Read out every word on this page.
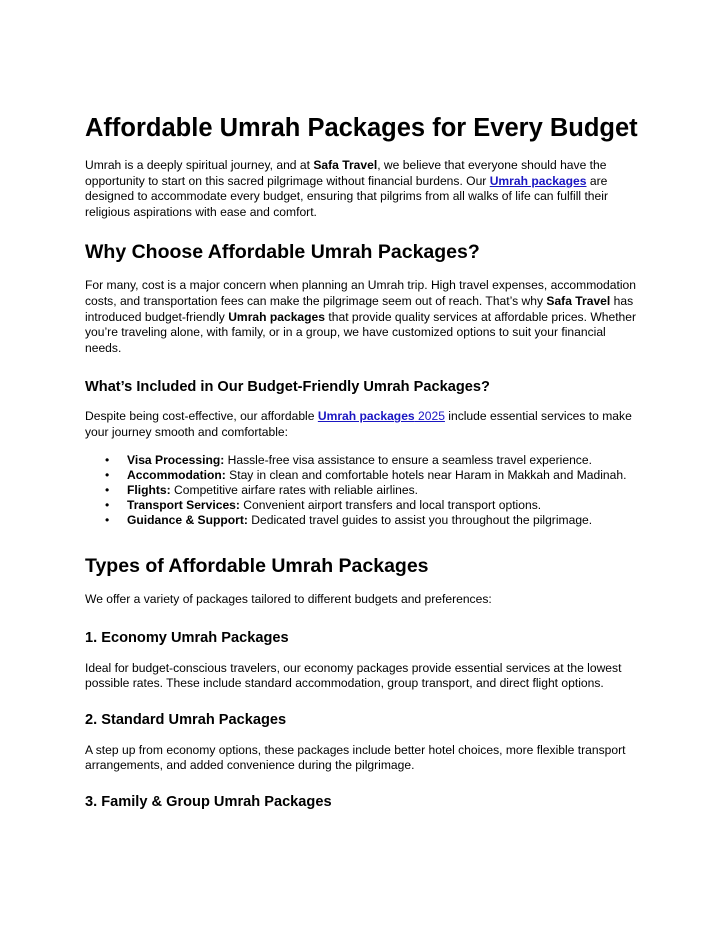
Affordable Umrah Packages for Every Budget

Umrah is a deeply spiritual journey, and at Safa Travel, we believe that everyone should have the opportunity to start on this sacred pilgrimage without financial burdens. Our Umrah packages are designed to accommodate every budget, ensuring that pilgrims from all walks of life can fulfill their religious aspirations with ease and comfort.

Why Choose Affordable Umrah Packages?

For many, cost is a major concern when planning an Umrah trip. High travel expenses, accommodation costs, and transportation fees can make the pilgrimage seem out of reach. That’s why Safa Travel has introduced budget-friendly Umrah packages that provide quality services at affordable prices. Whether you’re traveling alone, with family, or in a group, we have customized options to suit your financial needs.

What’s Included in Our Budget-Friendly Umrah Packages?

Despite being cost-effective, our affordable Umrah packages 2025 include essential services to make your journey smooth and comfortable:

• Visa Processing: Hassle-free visa assistance to ensure a seamless travel experience.
• Accommodation: Stay in clean and comfortable hotels near Haram in Makkah and Madinah.
• Flights: Competitive airfare rates with reliable airlines.
• Transport Services: Convenient airport transfers and local transport options.
• Guidance & Support: Dedicated travel guides to assist you throughout the pilgrimage.
Types of Affordable Umrah Packages

We offer a variety of packages tailored to different budgets and preferences:

1. Economy Umrah Packages

Ideal for budget-conscious travelers, our economy packages provide essential services at the lowest possible rates. These include standard accommodation, group transport, and direct flight options.

2. Standard Umrah Packages

A step up from economy options, these packages include better hotel choices, more flexible transport arrangements, and added convenience during the pilgrimage.

3. Family & Group Umrah Packages
